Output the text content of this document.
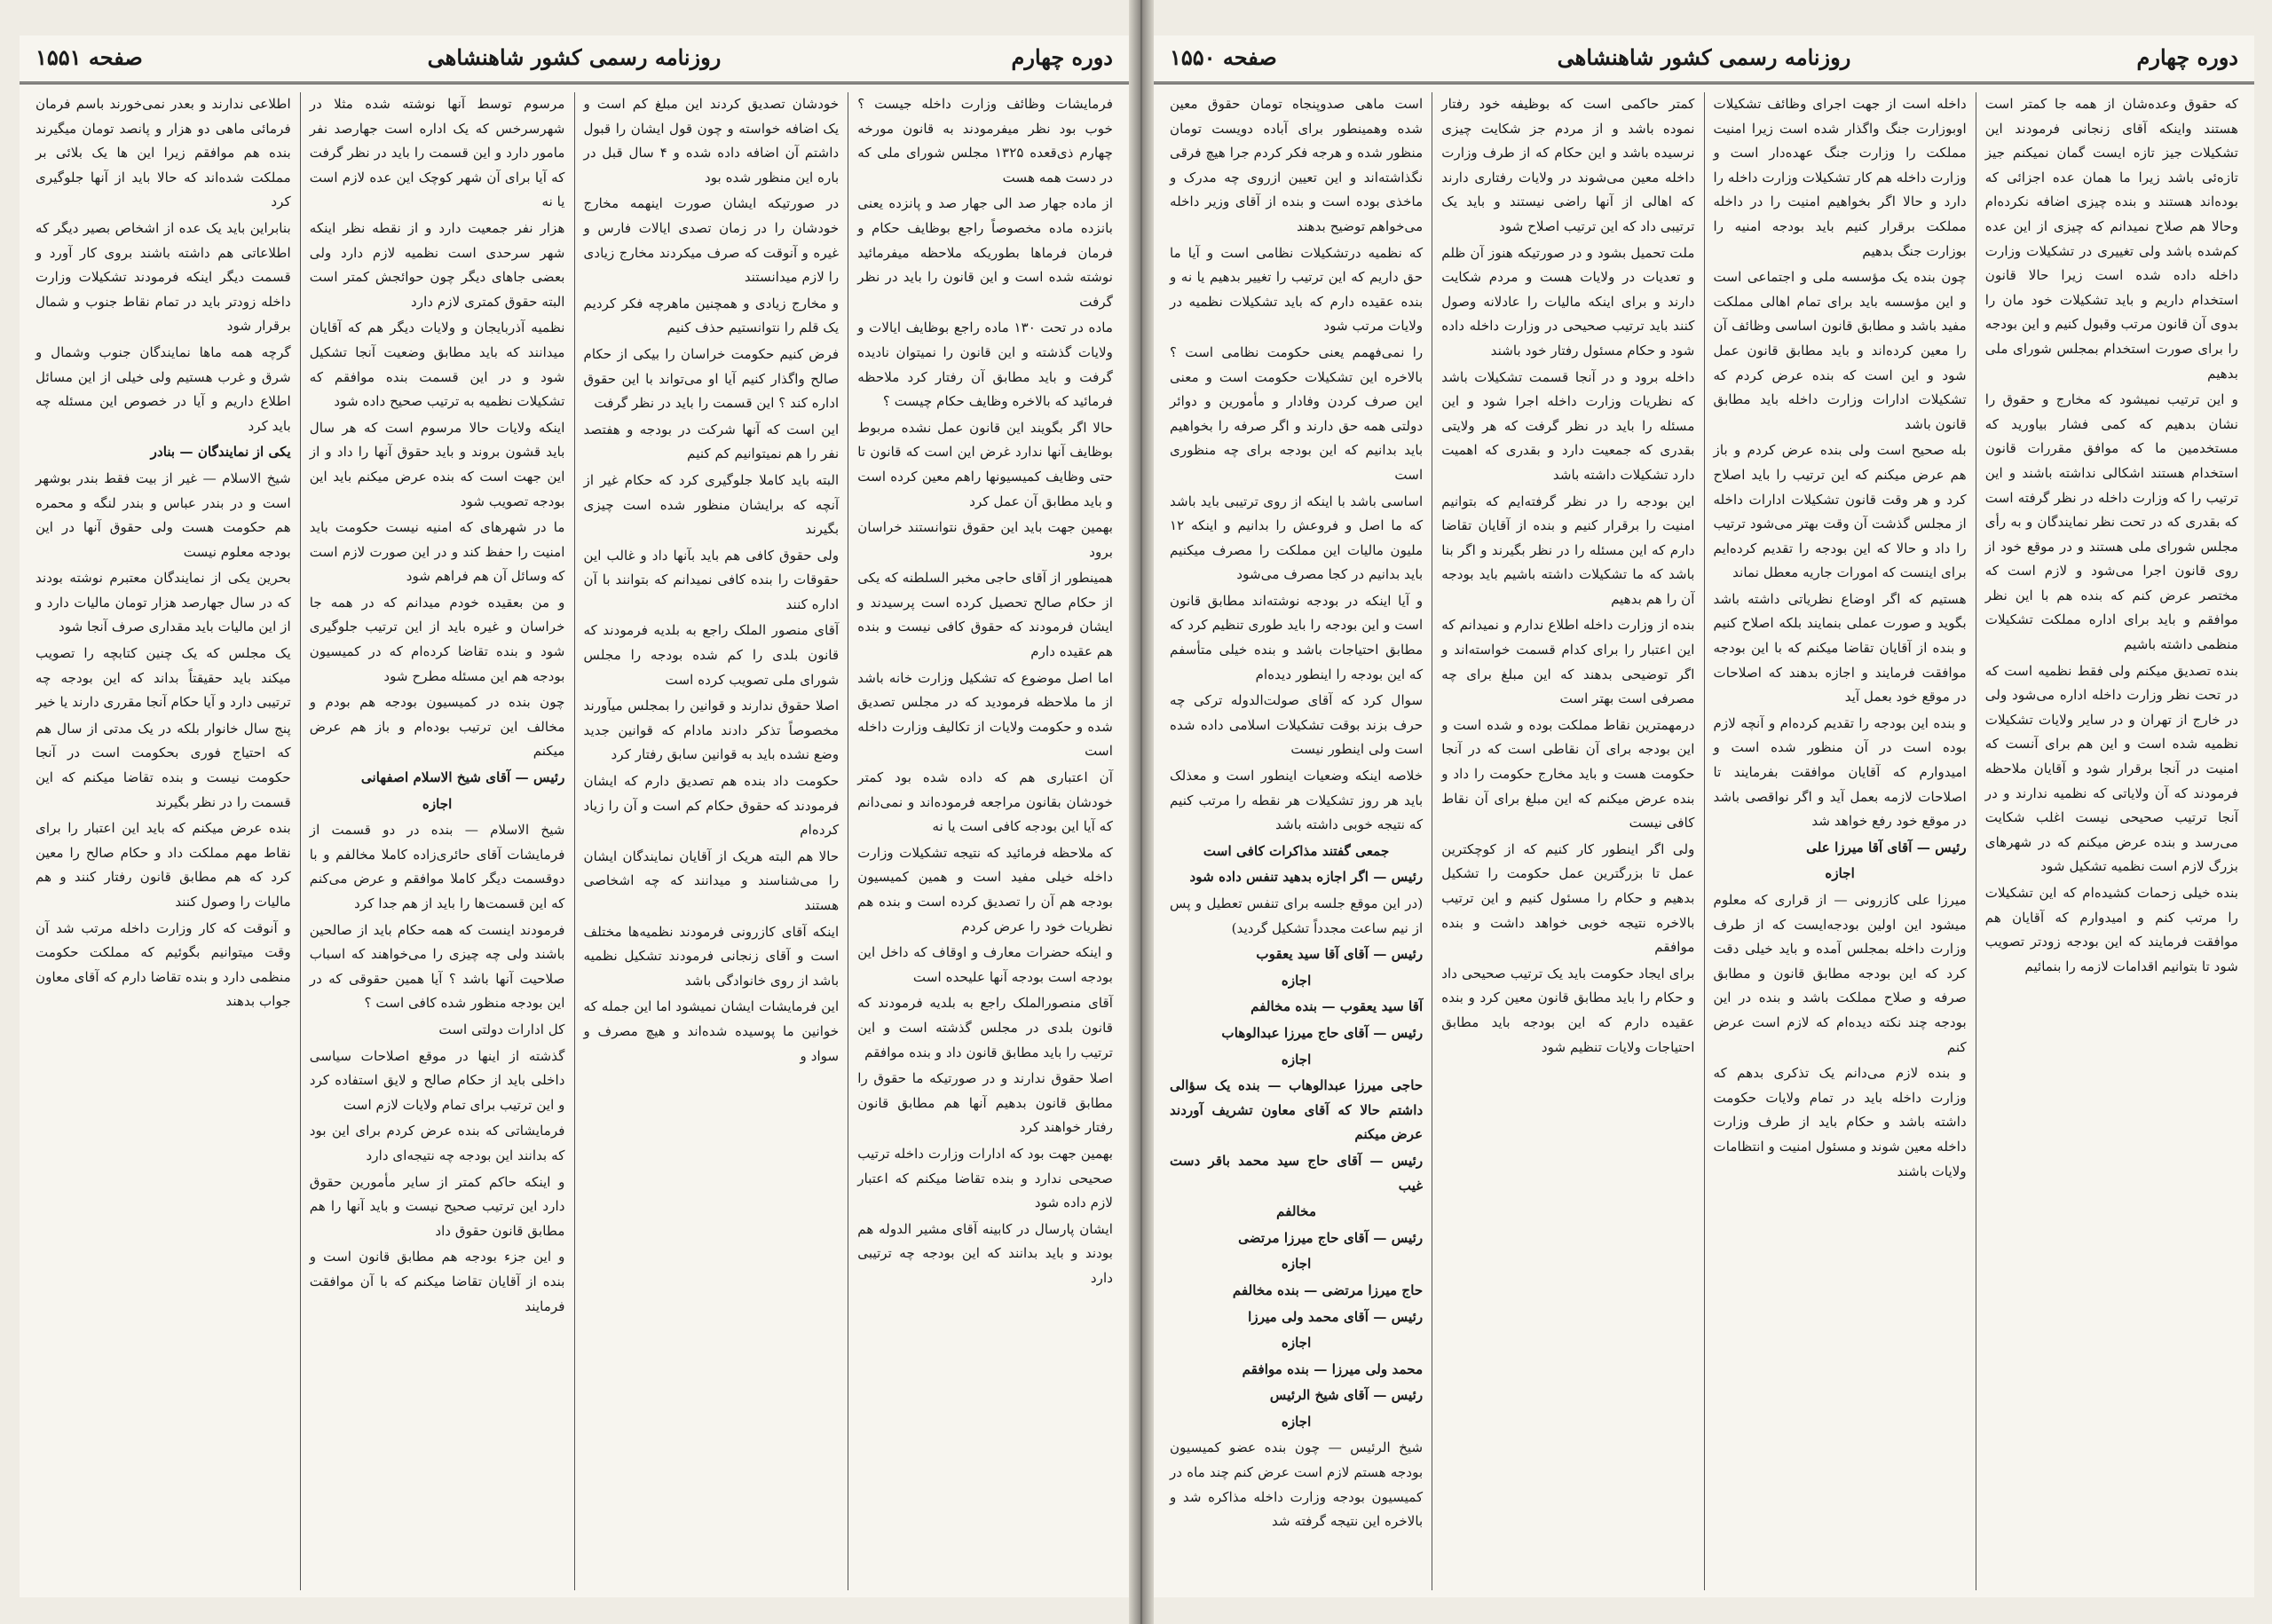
دوره چهارم
روزنامه رسمی کشور شاهنشاهی
صفحه ۱۵۵۰

که حقوق وعده‌شان از همه جا کمتر است هستند واینکه آقای زنجانی فرمودند این تشکیلات جیز تازه ایست گمان نمیکنم جیز تازه‌ئی باشد زیرا ما همان عده اجزائی که بوده‌اند هستند و بنده چیزی اضافه نکرده‌ام وحالا هم صلاح نمیدانم که چیزی از این عده کم‌شده باشد ولی تغییری در تشکیلات وزارت داخله داده شده است زیرا حالا قانون استخدام داریم و باید تشکیلات خود مان را بدوی آن قانون مرتب وقبول کنیم و این بودجه را برای صورت استخدام بمجلس شورای ملی بدهیم

و این ترتیب نمیشود که مخارج و حقوق را نشان بدهیم که کمی فشار بیاورید که مستخدمین ما که موافق مقررات قانون استخدام هستند اشکالی نداشته باشند و این ترتیب را که وزارت داخله در نظر گرفته است که بقدری که در تحت نظر نمایندگان و به رأی مجلس شورای ملی هستند و در موقع خود از روی قانون اجرا می‌شود و لازم است که مختصر عرض کنم که بنده هم با این نظر موافقم و باید برای اداره مملکت تشکیلات منظمی داشته باشیم

بنده تصدیق میکنم ولی فقط نظمیه است که در تحت نظر وزارت داخله اداره می‌شود ولی در خارج از تهران و در سایر ولایات تشکیلات نظمیه شده است و این هم برای آنست که امنیت در آنجا برقرار شود و آقایان ملاحظه فرمودند که آن ولایاتی که نظمیه ندارند و در آنجا ترتیب صحیحی نیست اغلب شکایت می‌رسد و بنده عرض میکنم که در شهرهای بزرگ لازم است نظمیه تشکیل شود

بنده خیلی زحمات کشیده‌ام که این تشکیلات را مرتب کنم و امیدوارم که آقایان هم موافقت فرمایند که این بودجه زودتر تصویب شود تا بتوانیم اقدامات لازمه را بنمائیم

داخله است از جهت اجرای وظائف تشکیلات اوبوزارت جنگ واگذار شده است زیرا امنیت مملکت را وزارت جنگ عهده‌دار است و وزارت داخله هم کار تشکیلات وزارت داخله را دارد و حالا اگر بخواهیم امنیت را در داخله مملکت برقرار کنیم باید بودجه امنیه را بوزارت جنگ بدهیم

چون بنده یک مؤسسه ملی و اجتماعی است و این مؤسسه باید برای تمام اهالی مملکت مفید باشد و مطابق قانون اساسی وظائف آن را معین کرده‌اند و باید مطابق قانون عمل شود و این است که بنده عرض کردم که تشکیلات ادارات وزارت داخله باید مطابق قانون باشد

بله صحیح است ولی بنده عرض کردم و باز هم عرض میکنم که این ترتیب را باید اصلاح کرد و هر وقت قانون تشکیلات ادارات داخله از مجلس گذشت آن وقت بهتر می‌شود ترتیب را داد و حالا که این بودجه را تقدیم کرده‌ایم برای اینست که امورات جاریه معطل نماند

هستیم که اگر اوضاع نظریاتی داشته باشد بگوید و صورت عملی بنمایند بلکه اصلاح کنیم و بنده از آقایان تقاضا میکنم که با این بودجه موافقت فرمایند و اجازه بدهند که اصلاحات در موقع خود بعمل آید

و بنده این بودجه را تقدیم کرده‌ام و آنچه لازم بوده است در آن منظور شده است و امیدوارم که آقایان موافقت بفرمایند تا اصلاحات لازمه بعمل آید و اگر نواقصی باشد در موقع خود رفع خواهد شد

رئیس — آقای آقا میرزا علی

اجازه

میرزا علی کازرونی — از قراری که معلوم میشود این اولین بودجه‌ایست که از طرف وزارت داخله بمجلس آمده و باید خیلی دقت کرد که این بودجه مطابق قانون و مطابق صرفه و صلاح مملکت باشد و بنده در این بودجه چند نکته دیده‌ام که لازم است عرض کنم

و بنده لازم می‌دانم یک تذکری بدهم که وزارت داخله باید در تمام ولایات حکومت داشته باشد و حکام باید از طرف وزارت داخله معین شوند و مسئول امنیت و انتظامات ولایات باشند

کمتر حاکمی است که بوظیفه خود رفتار نموده باشد و از مردم جز شکایت چیزی نرسیده باشد و این حکام که از طرف وزارت داخله معین می‌شوند در ولایات رفتاری دارند که اهالی از آنها راضی نیستند و باید یک ترتیبی داد که این ترتیب اصلاح شود

ملت تحمیل بشود و در صورتیکه هنوز آن ظلم و تعدیات در ولایات هست و مردم شکایت دارند و برای اینکه مالیات را عادلانه وصول کنند باید ترتیب صحیحی در وزارت داخله داده شود و حکام مسئول رفتار خود باشند

داخله برود و در آنجا قسمت تشکیلات باشد که نظریات وزارت داخله اجرا شود و این مسئله را باید در نظر گرفت که هر ولایتی بقدری که جمعیت دارد و بقدری که اهمیت دارد تشکیلات داشته باشد

این بودجه را در نظر گرفته‌ایم که بتوانیم امنیت را برقرار کنیم و بنده از آقایان تقاضا دارم که این مسئله را در نظر بگیرند و اگر بنا باشد که ما تشکیلات داشته باشیم باید بودجه آن را هم بدهیم

بنده از وزارت داخله اطلاع ندارم و نمیدانم که این اعتبار را برای کدام قسمت خواسته‌اند و اگر توضیحی بدهند که این مبلغ برای چه مصرفی است بهتر است

درمهمترین نقاط مملکت بوده و شده است و این بودجه برای آن نقاطی است که در آنجا حکومت هست و باید مخارج حکومت را داد و بنده عرض میکنم که این مبلغ برای آن نقاط کافی نیست

ولی اگر اینطور کار کنیم که از کوچکترین عمل تا بزرگترین عمل حکومت را تشکیل بدهیم و حکام را مسئول کنیم و این ترتیب بالاخره نتیجه خوبی خواهد داشت و بنده موافقم

برای ایجاد حکومت باید یک ترتیب صحیحی داد و حکام را باید مطابق قانون معین کرد و بنده عقیده دارم که این بودجه باید مطابق احتیاجات ولایات تنظیم شود

است ماهی صدوپنجاه تومان حقوق معین شده وهمینطور برای آباده دویست تومان منظور شده و هرجه فکر کردم جرا هیچ فرقی نگذاشته‌اند و این تعیین ازروی چه مدرک و ماخذی بوده است و بنده از آقای وزیر داخله می‌خواهم توضیح بدهند

که نظمیه درتشکیلات نظامی است و آیا ما حق داریم که این ترتیب را تغییر بدهیم یا نه و بنده عقیده دارم که باید تشکیلات نظمیه در ولایات مرتب شود

را نمی‌فهمم یعنی حکومت نظامی است ؟ بالاخره این تشکیلات حکومت است و معنی این صرف کردن وفادار و مأمورین و دوائر دولتی همه حق دارند و اگر صرفه را بخواهیم باید بدانیم که این بودجه برای چه منظوری است

اساسی باشد با اینکه از روی ترتیبی باید باشد که ما اصل و فروعش را بدانیم و اینکه ۱۲ ملیون مالیات این مملکت را مصرف میکنیم باید بدانیم در کجا مصرف می‌شود

و آیا اینکه در بودجه نوشته‌اند مطابق قانون است و این بودجه را باید طوری تنظیم کرد که مطابق احتیاجات باشد و بنده خیلی متأسفم که این بودجه را اینطور دیده‌ام

سوال کرد که آقای صولت‌الدوله ترکی چه حرف بزند بوقت تشکیلات اسلامی داده شده است ولی اینطور نیست

خلاصه اینکه وضعیات اینطور است و معذلک باید هر روز تشکیلات هر نقطه را مرتب کنیم که نتیجه خوبی داشته باشد

جمعی گفتند مذاکرات کافی است

رئیس — اگر اجازه بدهید تنفس داده شود

(در این موقع جلسه برای تنفس تعطیل و پس از نیم ساعت مجدداً تشکیل گردید)

رئیس — آقای آقا سید یعقوب

اجازه

آقا سید یعقوب — بنده مخالفم

رئیس — آقای حاج میرزا عبدالوهاب

اجازه

حاجی میرزا عبدالوهاب — بنده یک سؤالی داشتم حالا که آقای معاون تشریف آوردند عرض میکنم

رئیس — آقای حاج سید محمد باقر دست غیب

مخالفم

رئیس — آقای حاج میرزا مرتضی

اجازه

حاج میرزا مرتضی — بنده مخالفم

رئیس — آقای محمد ولی میرزا

اجازه

محمد ولی میرزا — بنده موافقم

رئیس — آقای شیخ الرئیس

اجازه

شیخ الرئیس — چون بنده عضو کمیسیون بودجه هستم لازم است عرض کنم چند ماه در کمیسیون بودجه وزارت داخله مذاکره شد و بالاخره این نتیجه گرفته شد

دوره چهارم
روزنامه رسمی کشور شاهنشاهی
صفحه ۱۵۵۱

فرمایشات وظائف وزارت داخله جیست ؟ خوب بود نظر میفرمودند به قانون مورخه چهارم ذی‌قعده ۱۳۲۵ مجلس شورای ملی که در دست همه هست

از ماده جهار صد الی جهار صد و پانزده یعنی بانزده ماده مخصوصاً راجع بوظایف حکام و فرمان فرماها بطوریکه ملاحظه میفرمائید نوشته شده است و این قانون را باید در نظر گرفت

ماده در تحت ۱۳۰ ماده راجع بوظایف ایالات و ولایات گذشته و این قانون را نمیتوان نادیده گرفت و باید مطابق آن رفتار کرد ملاحظه فرمائید که بالاخره وظایف حکام چیست ؟

حالا اگر بگویند این قانون عمل نشده مربوط بوظایف آنها ندارد غرض این است که قانون تا حتی وظایف کمیسیونها راهم معین کرده است و باید مطابق آن عمل کرد

بهمین جهت باید این حقوق نتوانستند خراسان برود

همینطور از آقای حاجی مخبر السلطنه که یکی از حکام صالح تحصیل کرده است پرسیدند و ایشان فرمودند که حقوق کافی نیست و بنده هم عقیده دارم

اما اصل موضوع که تشکیل وزارت خانه باشد از ما ملاحظه فرمودید که در مجلس تصدیق شده و حکومت ولایات از تکالیف وزارت داخله است

آن اعتباری هم که داده شده بود کمتر خودشان بقانون مراجعه فرموده‌اند و نمی‌دانم که آیا این بودجه کافی است یا نه

که ملاحظه فرمائید که نتیجه تشکیلات وزارت داخله خیلی مفید است و همین کمیسیون بودجه هم آن را تصدیق کرده است و بنده هم نظریات خود را عرض کردم

و اینکه حضرات معارف و اوقاف که داخل این بودجه است بودجه آنها علیحده است

آقای منصورالملک راجع به بلدیه فرمودند که قانون بلدی در مجلس گذشته است و این ترتیب را باید مطابق قانون داد و بنده موافقم

اصلا حقوق ندارند و در صورتیکه ما حقوق را مطابق قانون بدهیم آنها هم مطابق قانون رفتار خواهند کرد

بهمین جهت بود که ادارات وزارت داخله ترتیب صحیحی ندارد و بنده تقاضا میکنم که اعتبار لازم داده شود

ایشان پارسال در کابینه آقای مشیر الدوله هم بودند و باید بدانند که این بودجه چه ترتیبی دارد

خودشان تصدیق کردند این مبلغ کم است و یک اضافه خواسته و چون قول ایشان را قبول داشتم آن اضافه داده شده و ۴ سال قبل در باره این منظور شده بود

در صورتیکه ایشان صورت اینهمه مخارج خودشان را در زمان تصدی ایالات فارس و غیره و آنوقت که صرف میکردند مخارج زیادی را لازم میدانستند

و مخارج زیادی و همچنین ماهرچه فکر کردیم یک قلم را نتوانستیم حذف کنیم

فرض کنیم حکومت خراسان را بیکی از حکام صالح واگذار کنیم آیا او می‌تواند با این حقوق اداره کند ؟ این قسمت را باید در نظر گرفت

این است که آنها شرکت در بودجه و هفتصد نفر را هم نمیتوانیم کم کنیم

البته باید کاملا جلوگیری کرد که حکام غیر از آنچه که برایشان منظور شده است چیزی بگیرند

ولی حقوق کافی هم باید بآنها داد و غالب این حقوقات را بنده کافی نمیدانم که بتوانند با آن اداره کنند

آقای منصور الملک راجع به بلدیه فرمودند که قانون بلدی را کم شده بودجه را مجلس شورای ملی تصویب کرده است

اصلا حقوق ندارند و قوانین را بمجلس میآورند مخصوصاً تذکر دادند مادام که قوانین جدید وضع نشده باید به قوانین سابق رفتار کرد

حکومت داد بنده هم تصدیق دارم که ایشان فرمودند که حقوق حکام کم است و آن را زیاد کرده‌ام

حالا هم البته هریک از آقایان نمایندگان ایشان را می‌شناسند و میدانند که چه اشخاصی هستند

اینکه آقای کازرونی فرمودند نظمیه‌ها مختلف است و آقای زنجانی فرمودند تشکیل نظمیه باشد از روی خانوادگی باشد

این فرمایشات ایشان نمیشود اما این جمله که خوانین ما پوسیده شده‌اند و هیچ مصرف و سواد و

مرسوم توسط آنها نوشته شده مثلا در شهرسرخس که یک اداره است جهارصد نفر مامور دارد و این قسمت را باید در نظر گرفت که آیا برای آن شهر کوچک این عده لازم است یا نه

هزار نفر جمعیت دارد و از نقطه نظر اینکه شهر سرحدی است نظمیه لازم دارد ولی بعضی جاهای دیگر چون حوائجش کمتر است البته حقوق کمتری لازم دارد

نظمیه آذربایجان و ولایات دیگر هم که آقایان میدانند که باید مطابق وضعیت آنجا تشکیل شود و در این قسمت بنده موافقم که تشکیلات نظمیه به ترتیب صحیح داده شود

اینکه ولایات حالا مرسوم است که هر سال باید قشون بروند و باید حقوق آنها را داد و از این جهت است که بنده عرض میکنم باید این بودجه تصویب شود

ما در شهرهای که امنیه نیست حکومت باید امنیت را حفظ کند و در این صورت لازم است که وسائل آن هم فراهم شود

و من بعقیده خودم میدانم که در همه جا خراسان و غیره باید از این ترتیب جلوگیری شود و بنده تقاضا کرده‌ام که در کمیسیون بودجه هم این مسئله مطرح شود

چون بنده در کمیسیون بودجه هم بودم و مخالف این ترتیب بوده‌ام و باز هم عرض میکنم

رئیس — آقای شیخ الاسلام اصفهانی

اجازه

شیخ الاسلام — بنده در دو قسمت از فرمایشات آقای حائری‌زاده کاملا مخالفم و با دوقسمت دیگر کاملا موافقم و عرض می‌کنم که این قسمت‌ها را باید از هم جدا کرد

فرمودند اینست که همه حکام باید از صالحین باشند ولی چه چیزی را می‌خواهند که اسباب صلاحیت آنها باشد ؟ آیا همین حقوقی که در این بودجه منظور شده کافی است ؟

کل ادارات دولتی است

گذشته از اینها در موقع اصلاحات سیاسی داخلی باید از حکام صالح و لایق استفاده کرد و این ترتیب برای تمام ولایات لازم است

فرمایشاتی که بنده عرض کردم برای این بود که بدانند این بودجه چه نتیجه‌ای دارد

و اینکه حاکم کمتر از سایر مأمورین حقوق دارد این ترتیب صحیح نیست و باید آنها را هم مطابق قانون حقوق داد

و این جزء بودجه هم مطابق قانون است و بنده از آقایان تقاضا میکنم که با آن موافقت فرمایند

اطلاعی ندارند و بعدر نمی‌خورند باسم فرمان فرمائی ماهی دو هزار و پانصد تومان میگیرند بنده هم موافقم زیرا این ها یک بلائی بر مملکت شده‌اند که حالا باید از آنها جلوگیری کرد

بنابراین باید یک عده از اشخاص بصیر دیگر که اطلاعاتی هم داشته باشند بروی کار آورد و قسمت دیگر اینکه فرمودند تشکیلات وزارت داخله زودتر باید در تمام نقاط جنوب و شمال برقرار شود

گرچه همه ماها نمایندگان جنوب وشمال و شرق و غرب هستیم ولی خیلی از این مسائل اطلاع داریم و آیا در خصوص این مسئله چه باید کرد

یکی از نمایندگان — بنادر

شیخ الاسلام — غیر از بیت فقط بندر بوشهر است و در بندر عباس و بندر لنگه و محمره هم حکومت هست ولی حقوق آنها در این بودجه معلوم نیست

بحرین یکی از نمایندگان معتبرم نوشته بودند که در سال جهارصد هزار تومان مالیات دارد و از این مالیات باید مقداری صرف آنجا شود

یک مجلس که یک چنین کتابچه را تصویب میکند باید حقیقتاً بداند که این بودجه چه ترتیبی دارد و آیا حکام آنجا مقرری دارند یا خیر

پنج سال خانوار بلکه در یک مدتی از سال هم که احتیاج فوری بحکومت است در آنجا حکومت نیست و بنده تقاضا میکنم که این قسمت را در نظر بگیرند

بنده عرض میکنم که باید این اعتبار را برای نقاط مهم مملکت داد و حکام صالح را معین کرد که هم مطابق قانون رفتار کنند و هم مالیات را وصول کنند

و آنوقت که کار وزارت داخله مرتب شد آن وقت میتوانیم بگوئیم که مملکت حکومت منظمی دارد و بنده تقاضا دارم که آقای معاون جواب بدهند
